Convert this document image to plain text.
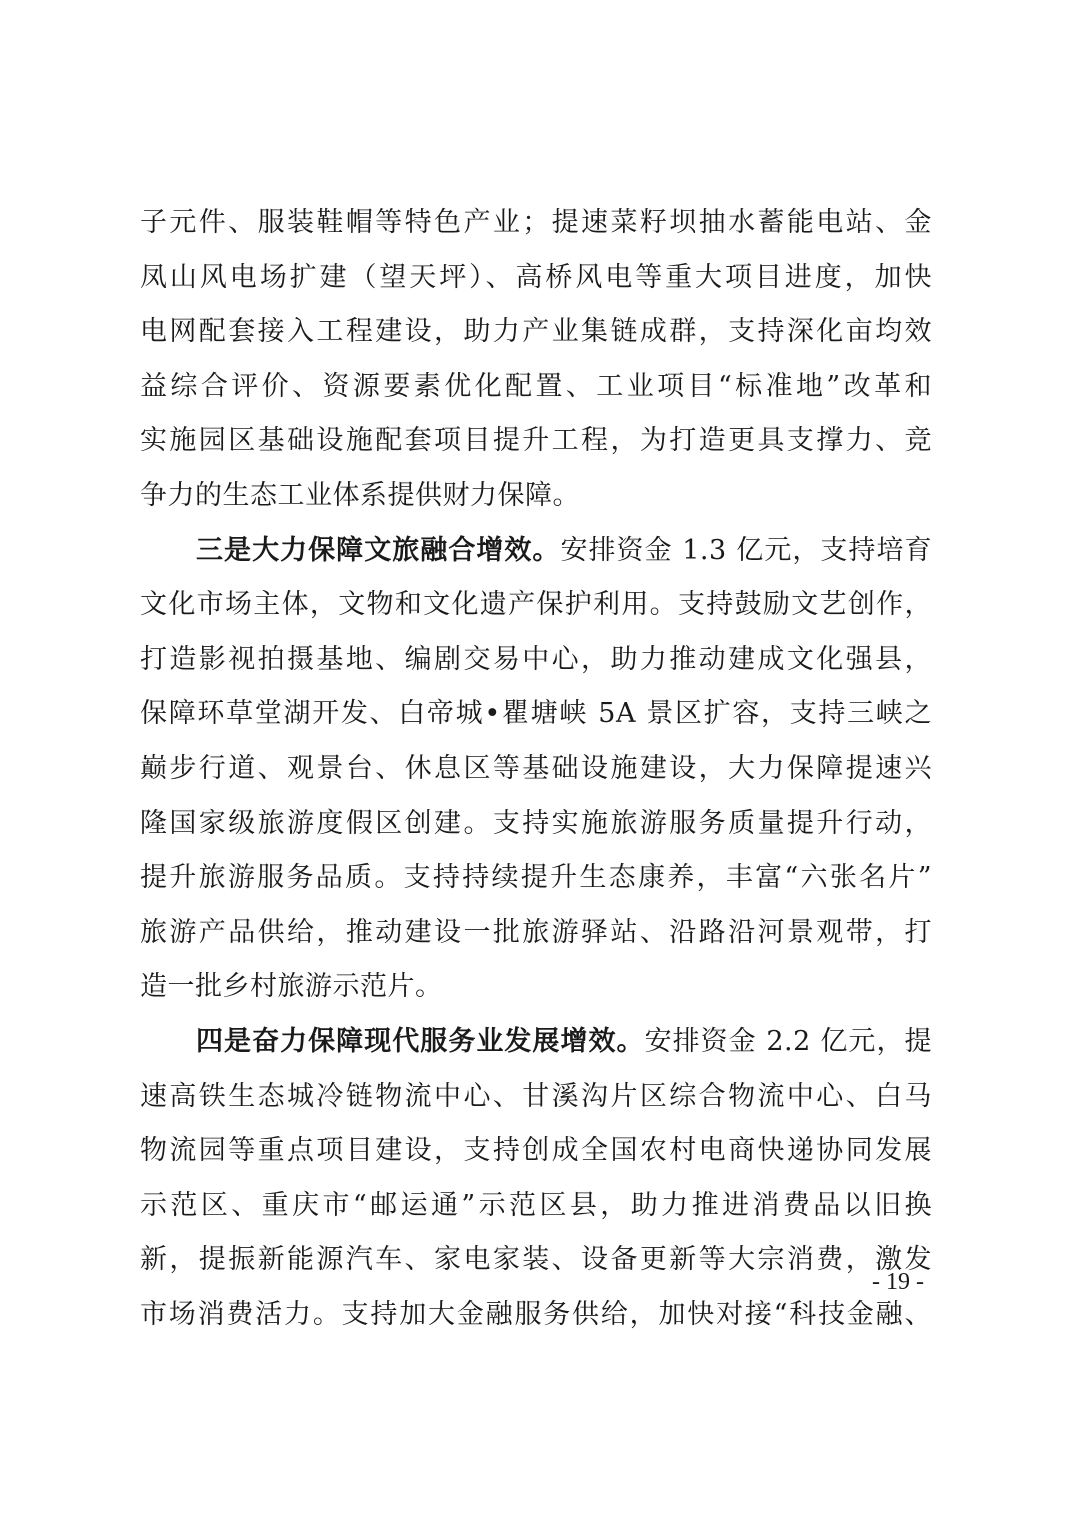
子元件、服装鞋帽等特色产业；提速菜籽坝抽水蓄能电站、金
凤山风电场扩建（望天坪）、高桥风电等重大项目进度，加快
电网配套接入工程建设，助力产业集链成群，支持深化亩均效
益综合评价、资源要素优化配置、工业项目“标准地”改革和
实施园区基础设施配套项目提升工程，为打造更具支撑力、竞
争力的生态工业体系提供财力保障。
三是大力保障文旅融合增效。安排资金 1.3 亿元，支持培育
文化市场主体，文物和文化遗产保护利用。支持鼓励文艺创作，
打造影视拍摄基地、编剧交易中心，助力推动建成文化强县，
保障环草堂湖开发、白帝城•瞿塘峡 5A 景区扩容，支持三峡之
巅步行道、观景台、休息区等基础设施建设，大力保障提速兴
隆国家级旅游度假区创建。支持实施旅游服务质量提升行动，
提升旅游服务品质。支持持续提升生态康养，丰富“六张名片”
旅游产品供给，推动建设一批旅游驿站、沿路沿河景观带，打
造一批乡村旅游示范片。
四是奋力保障现代服务业发展增效。安排资金 2.2 亿元，提
速高铁生态城冷链物流中心、甘溪沟片区综合物流中心、白马
物流园等重点项目建设，支持创成全国农村电商快递协同发展
示范区、重庆市“邮运通”示范区县，助力推进消费品以旧换
新，提振新能源汽车、家电家装、设备更新等大宗消费，激发
市场消费活力。支持加大金融服务供给，加快对接“科技金融、
- 19 -
